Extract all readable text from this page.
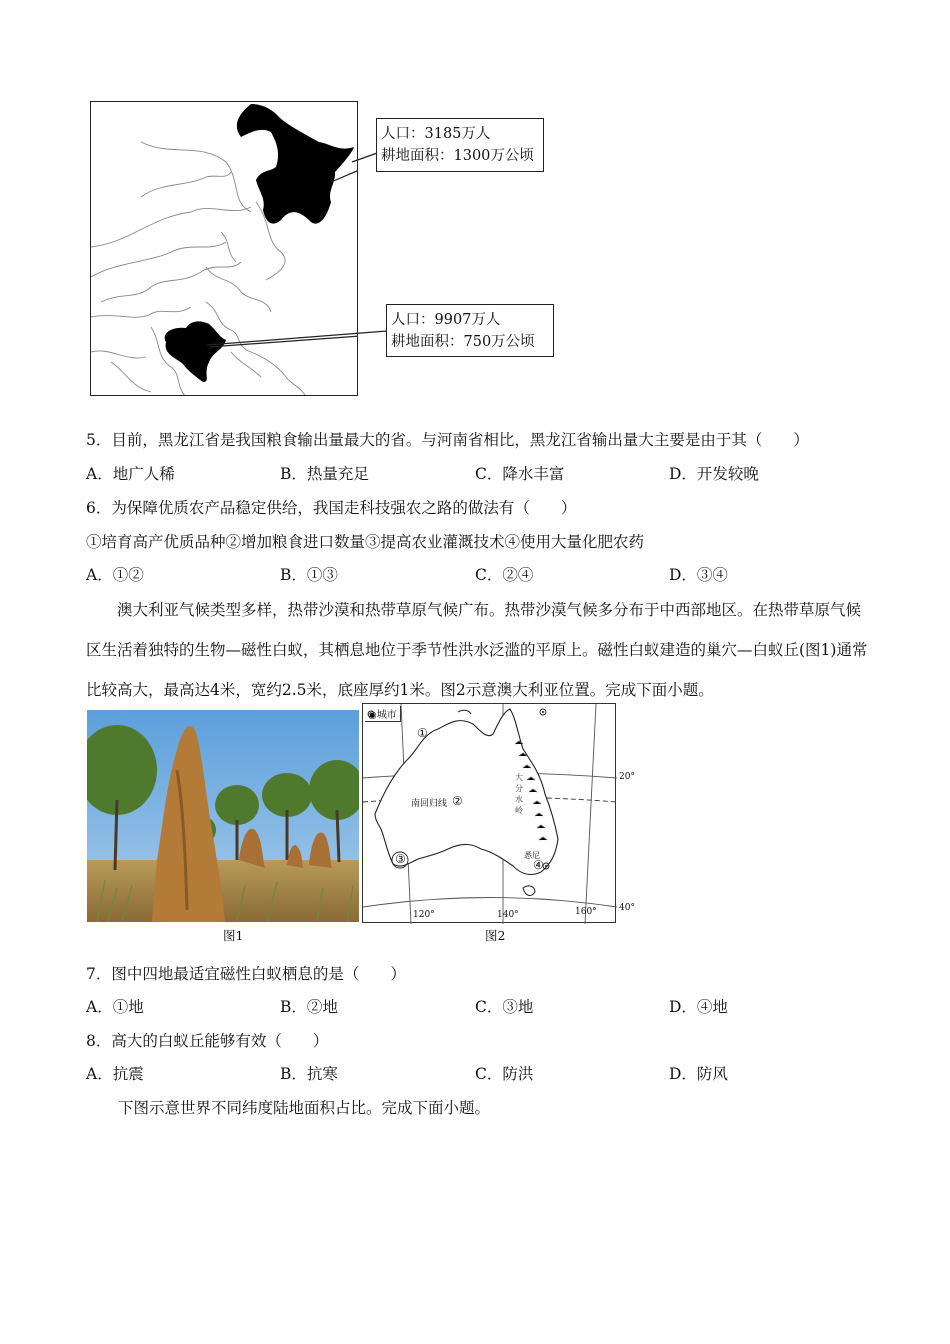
人口：3185万人
耕地面积：1300万公顷
人口：9907万人
耕地面积：750万公顷
5．目前，黑龙江省是我国粮食输出量最大的省。与河南省相比，黑龙江省输出量大主要是由于其（　　）
A．地广人稀	B．热量充足	C．降水丰富	D．开发较晚
6．为保障优质农产品稳定供给，我国走科技强农之路的做法有（　　）
①培育高产优质品种②增加粮食进口数量③提高农业灌溉技术④使用大量化肥农药
A．①②	B．①③	C．②④	D．③④
澳大利亚气候类型多样，热带沙漠和热带草原气候广布。热带沙漠气候多分布于中西部地区。在热带草原气候区生活着独特的生物—磁性白蚁，其栖息地位于季节性洪水泛滥的平原上。磁性白蚁建造的巢穴—白蚁丘(图1)通常比较高大，最高达4米，宽约2.5米，底座厚约1米。图2示意澳大利亚位置。完成下面小题。
图1
◉城市
①
南回归线 ②
③	④
大分水岭
悉尼
20°
40°
120°	140°	160°
图2
7．图中四地最适宜磁性白蚁栖息的是（　　）
A．①地	B．②地	C．③地	D．④地
8．高大的白蚁丘能够有效（　　）
A．抗震	B．抗寒	C．防洪	D．防风
下图示意世界不同纬度陆地面积占比。完成下面小题。
